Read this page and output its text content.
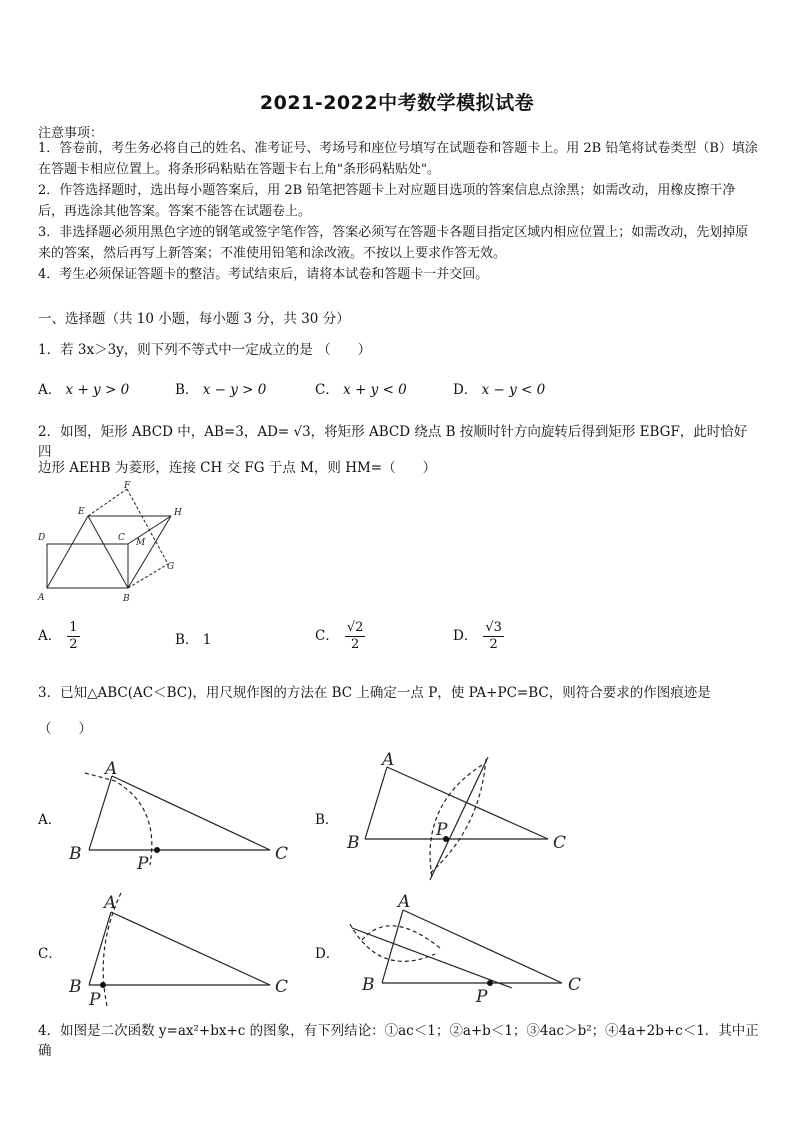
2021-2022中考数学模拟试卷
注意事项：

1．答卷前，考生务必将自己的姓名、准考证号、考场号和座位号填写在试题卷和答题卡上。用 2B 铅笔将试卷类型（B）填涂在答题卡相应位置上。将条形码粘贴在答题卡右上角"条形码粘贴处"。

2．作答选择题时，选出每小题答案后，用 2B 铅笔把答题卡上对应题目选项的答案信息点涂黑；如需改动，用橡皮擦干净后，再选涂其他答案。答案不能答在试题卷上。

3．非选择题必须用黑色字迹的钢笔或签字笔作答，答案必须写在答题卡各题目指定区域内相应位置上；如需改动，先划掉原来的答案，然后再写上新答案；不准使用铅笔和涂改液。不按以上要求作答无效。

4．考生必须保证答题卡的整洁。考试结束后，请将本试卷和答题卡一并交回。

一、选择题（共 10 小题，每小题 3 分，共 30 分）
1．若 3x＞3y，则下列不等式中一定成立的是 （　　）
A． x + y > 0	B． x − y > 0	C． x + y < 0	D． x − y < 0
2．如图，矩形 ABCD 中，AB=3，AD= √3，将矩形 ABCD 绕点 B 按顺时针方向旋转后得到矩形 EBGF，此时恰好四
边形 AEHB 为菱形，连接 CH 交 FG 于点 M，则 HM=（　　）
F
E	H
D	C M
G
A	B
A． $\frac{1}{2}$	B． 1	C． $\frac{√2}{2}$	D． $\frac{√3}{2}$
3．已知△ABC(AC＜BC)，用尺规作图的方法在 BC 上确定一点 P，使 PA+PC=BC，则符合要求的作图痕迹是
（　　）
A．
A
B	C
P
B．
A
B	C
P
C．
A
B	C
P
D．
A
B	C
P
4．如图是二次函数 y=ax²+bx+c 的图象，有下列结论：①ac＜1；②a+b＜1；③4ac＞b²；④4a+2b+c＜1．其中正确
